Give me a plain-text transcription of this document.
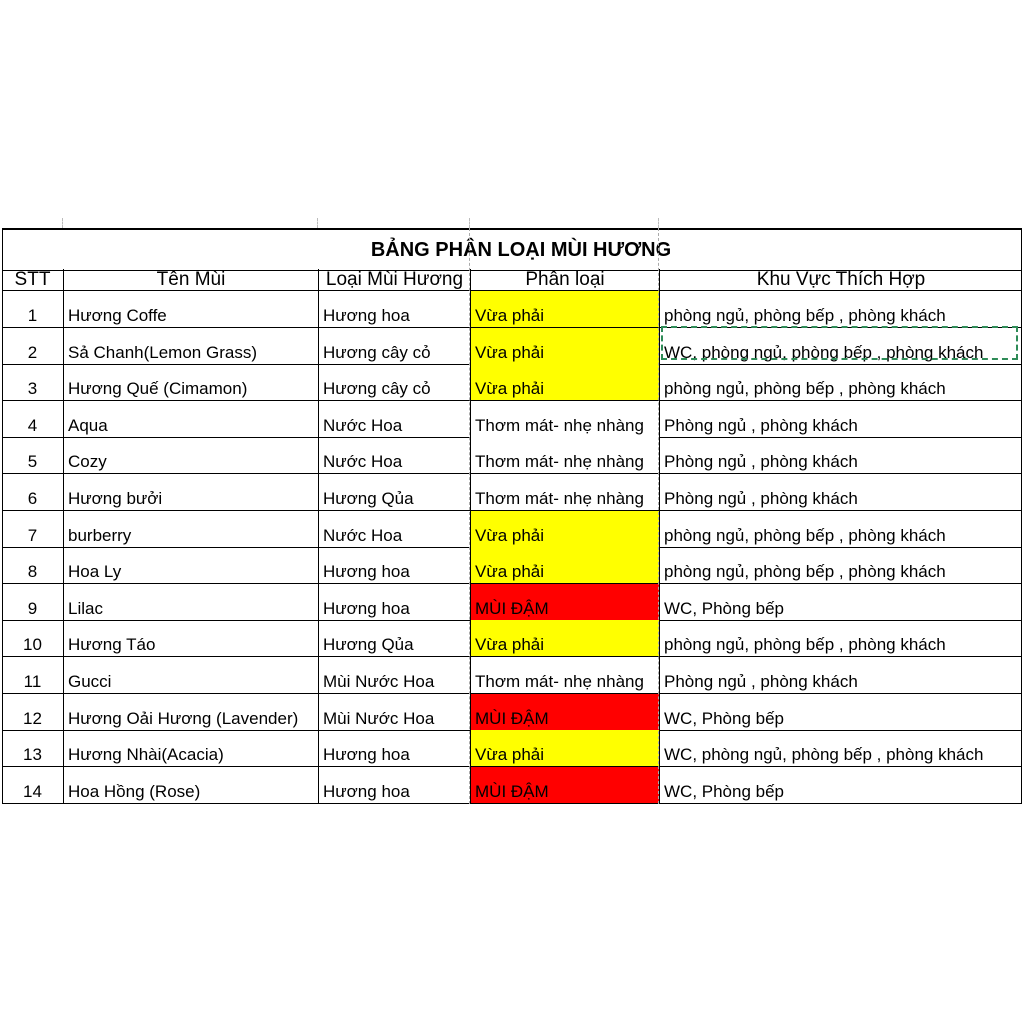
BẢNG PHÂN LOẠI MÙI HƯƠNG
STT	Tên Mùi	Loại Mùi Hương	Phân loại	Khu Vực Thích Hợp
1	Hương Coffe	Hương hoa	Vừa phải	phòng ngủ, phòng bếp , phòng khách
2	Sả Chanh(Lemon Grass)	Hương cây cỏ	Vừa phải	WC, phòng ngủ, phòng bếp , phòng khách
3	Hương Quế (Cimamon)	Hương cây cỏ	Vừa phải	phòng ngủ, phòng bếp , phòng khách
4	Aqua	Nước Hoa	Thơm mát- nhẹ nhàng	Phòng ngủ , phòng khách
5	Cozy	Nước Hoa	Thơm mát- nhẹ nhàng	Phòng ngủ , phòng khách
6	Hương bưởi	Hương Qủa	Thơm mát- nhẹ nhàng	Phòng ngủ , phòng khách
7	burberry	Nước Hoa	Vừa phải	phòng ngủ, phòng bếp , phòng khách
8	Hoa Ly	Hương hoa	Vừa phải	phòng ngủ, phòng bếp , phòng khách
9	Lilac	Hương hoa	MÙI ĐẬM	WC, Phòng bếp
10	Hương Táo	Hương Qủa	Vừa phải	phòng ngủ, phòng bếp , phòng khách
11	Gucci	Mùi Nước Hoa	Thơm mát- nhẹ nhàng	Phòng ngủ , phòng khách
12	Hương Oải Hương (Lavender)	Mùi Nước Hoa	MÙI ĐẬM	WC, Phòng bếp
13	Hương Nhài(Acacia)	Hương hoa	Vừa phải	WC, phòng ngủ, phòng bếp , phòng khách
14	Hoa Hồng (Rose)	Hương hoa	MÙI ĐẬM	WC, Phòng bếp
